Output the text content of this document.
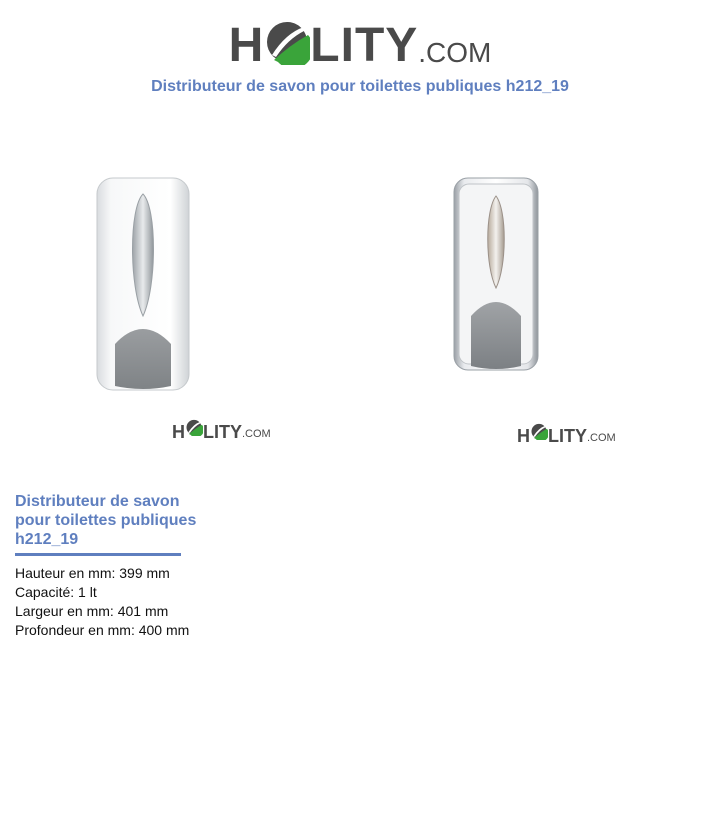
H LITY .COM
Distributeur de savon pour toilettes publiques h212_19
H LITY .COM	H LITY .COM
Distributeur de savon
pour toilettes publiques
h212_19
Hauteur en mm: 399 mm
Capacité: 1 lt
Largeur en mm: 401 mm
Profondeur en mm: 400 mm
